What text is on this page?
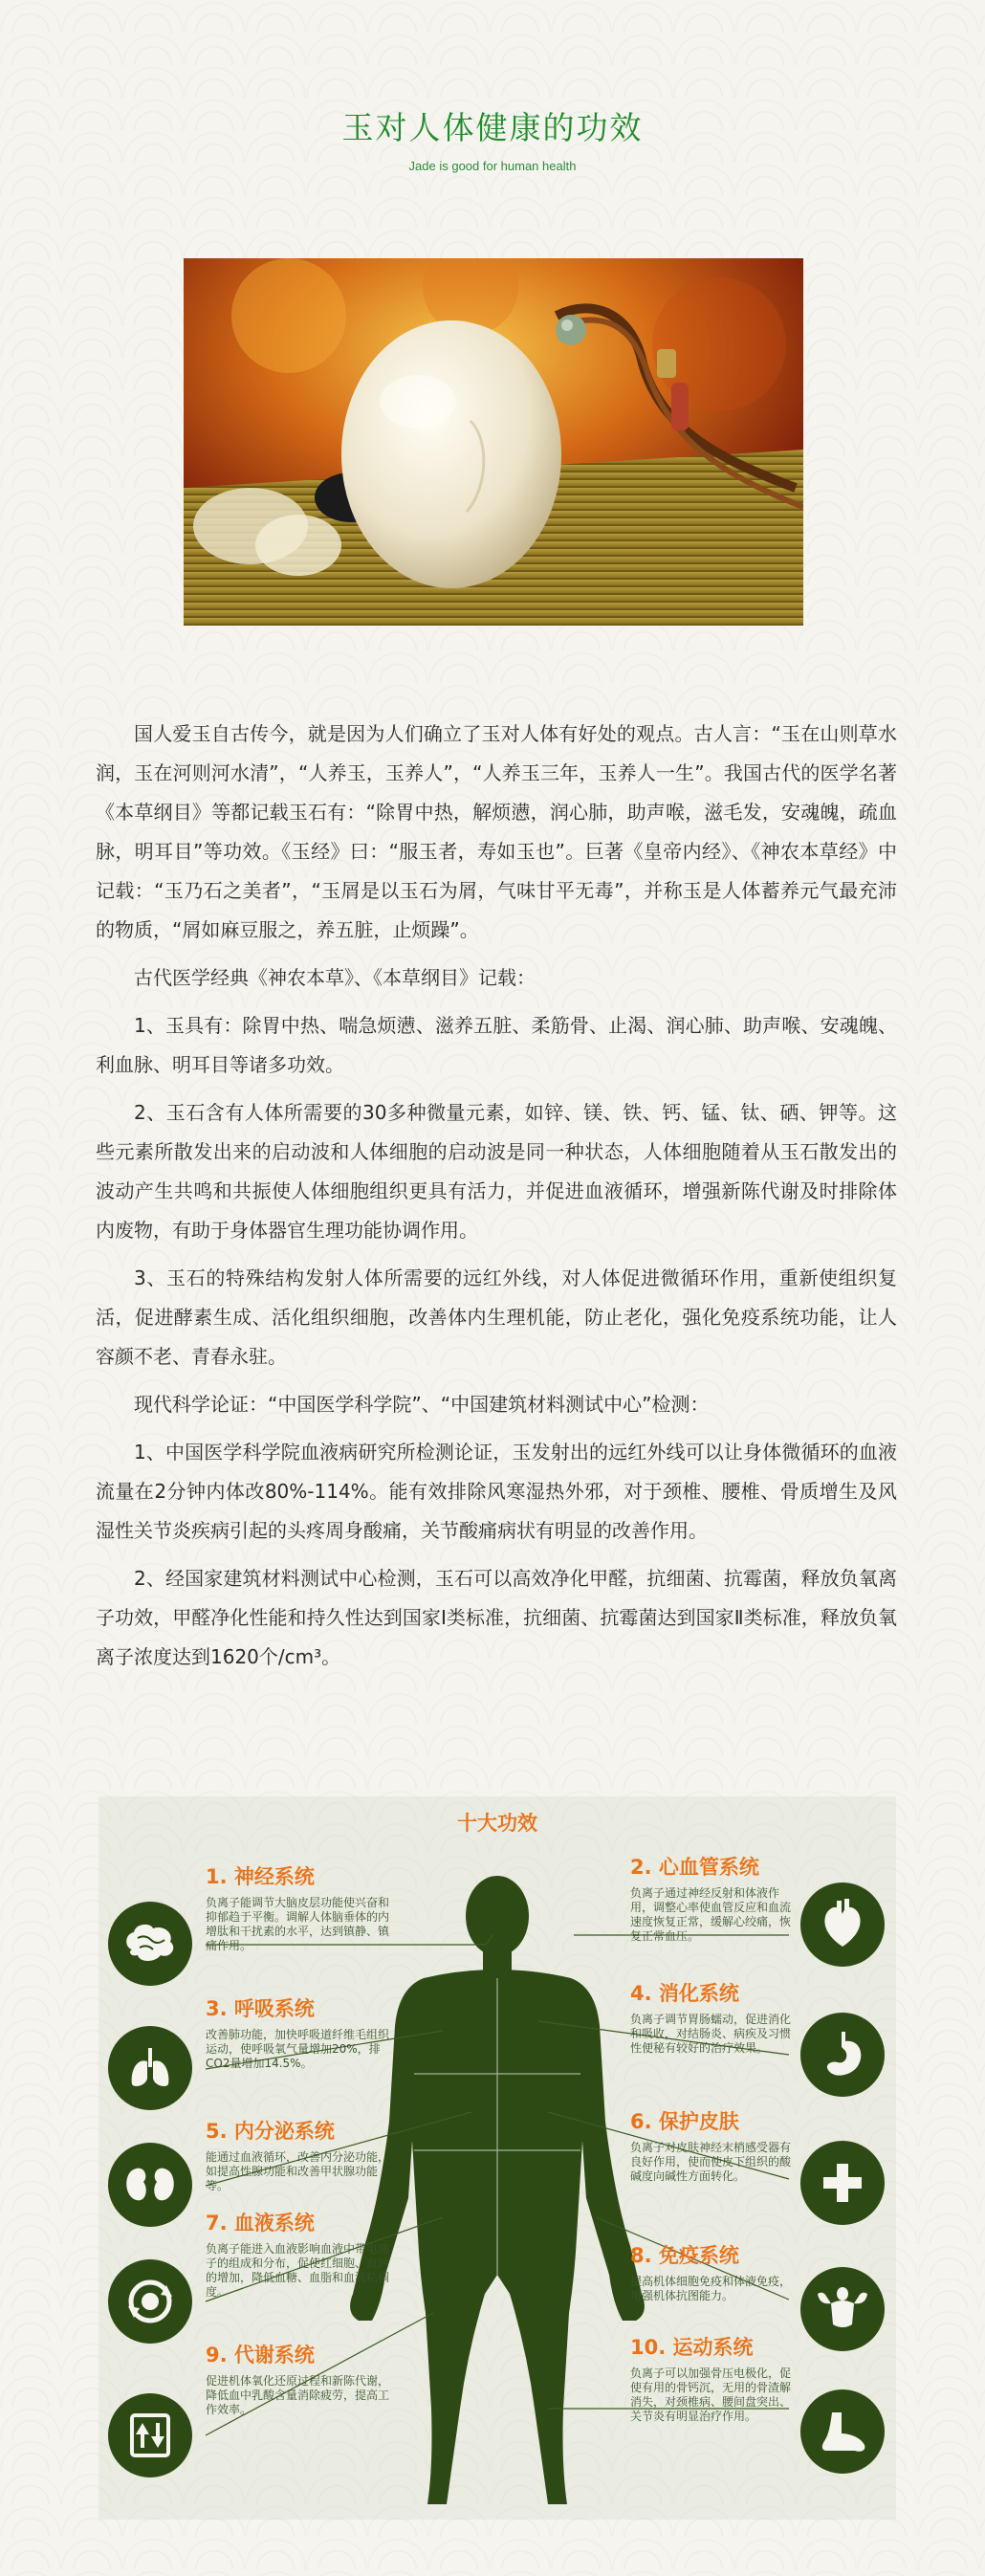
玉对人体健康的功效
Jade is good for human health

国人爱玉自古传今，就是因为人们确立了玉对人体有好处的观点。古人言：“玉在山则草水润，玉在河则河水清”，“人养玉，玉养人”，“人养玉三年，玉养人一生”。我国古代的医学名著《本草纲目》等都记载玉石有：“除胃中热，解烦懑，润心肺，助声喉，滋毛发，安魂魄，疏血脉，明耳目”等功效。《玉经》曰：“服玉者，寿如玉也”。巨著《皇帝内经》、《神农本草经》中记载：“玉乃石之美者”，“玉屑是以玉石为屑，气味甘平无毒”，并称玉是人体蓄养元气最充沛的物质，“屑如麻豆服之，养五脏，止烦躁”。

古代医学经典《神农本草》、《本草纲目》记载：

1、玉具有：除胃中热、喘急烦懑、滋养五脏、柔筋骨、止渴、润心肺、助声喉、安魂魄、利血脉、明耳目等诸多功效。

2、玉石含有人体所需要的30多种微量元素，如锌、镁、铁、钙、锰、钛、硒、钾等。这些元素所散发出来的启动波和人体细胞的启动波是同一种状态，人体细胞随着从玉石散发出的波动产生共鸣和共振使人体细胞组织更具有活力，并促进血液循环，增强新陈代谢及时排除体内废物，有助于身体器官生理功能协调作用。

3、玉石的特殊结构发射人体所需要的远红外线，对人体促进微循环作用，重新使组织复活，促进酵素生成、活化组织细胞，改善体内生理机能，防止老化，强化免疫系统功能，让人容颜不老、青春永驻。

现代科学论证：“中国医学科学院”、“中国建筑材料测试中心”检测：

1、中国医学科学院血液病研究所检测论证，玉发射出的远红外线可以让身体微循环的血液流量在2分钟内体改80%-114%。能有效排除风寒湿热外邪，对于颈椎、腰椎、骨质增生及风湿性关节炎疾病引起的头疼周身酸痛，关节酸痛病状有明显的改善作用。

2、经国家建筑材料测试中心检测，玉石可以高效净化甲醛，抗细菌、抗霉菌，释放负氧离子功效，甲醛净化性能和持久性达到国家Ⅰ类标准，抗细菌、抗霉菌达到国家Ⅱ类标准，释放负氧离子浓度达到1620个/cm³。

十大功效
1. 神经系统
负离子能调节大脑皮层功能使兴奋和抑郁趋于平衡。调解人体脑垂体的内增肽和干扰素的水平，达到镇静、镇痛作用。
3. 呼吸系统
改善肺功能，加快呼吸道纤维毛组织运动，使呼吸氧气量增加20%，排CO2量增加14.5%。
5. 内分泌系统
能通过血液循环，改善内分泌功能，如提高性腺功能和改善甲状腺功能等。
7. 血液系统
负离子能进入血液影响血液中带电离子的组成和分布，促使红细胞、血钙的增加，降低血糖、血脂和血液粘稠度。
9. 代谢系统
促进机体氧化还原过程和新陈代谢，降低血中乳酸含量消除疲劳，提高工作效率。
2. 心血管系统
负离子通过神经反射和体液作用，调整心率使血管反应和血流速度恢复正常，缓解心绞痛，恢复正常血压。
4. 消化系统
负离子调节胃肠蠕动，促进消化和吸收，对结肠炎、病疾及习惯性便秘有较好的治疗效果。
6. 保护皮肤
负离子对皮肤神经末梢感受器有良好作用，使而使皮下组织的酸碱度向碱性方面转化。
8. 免疫系统
提高机体细胞免疫和体液免疫，增强机体抗图能力。
10. 运动系统
负离子可以加强骨压电极化，促使有用的骨钙沉，无用的骨渣解消失，对颈椎病、腰间盘突出、关节炎有明显治疗作用。
